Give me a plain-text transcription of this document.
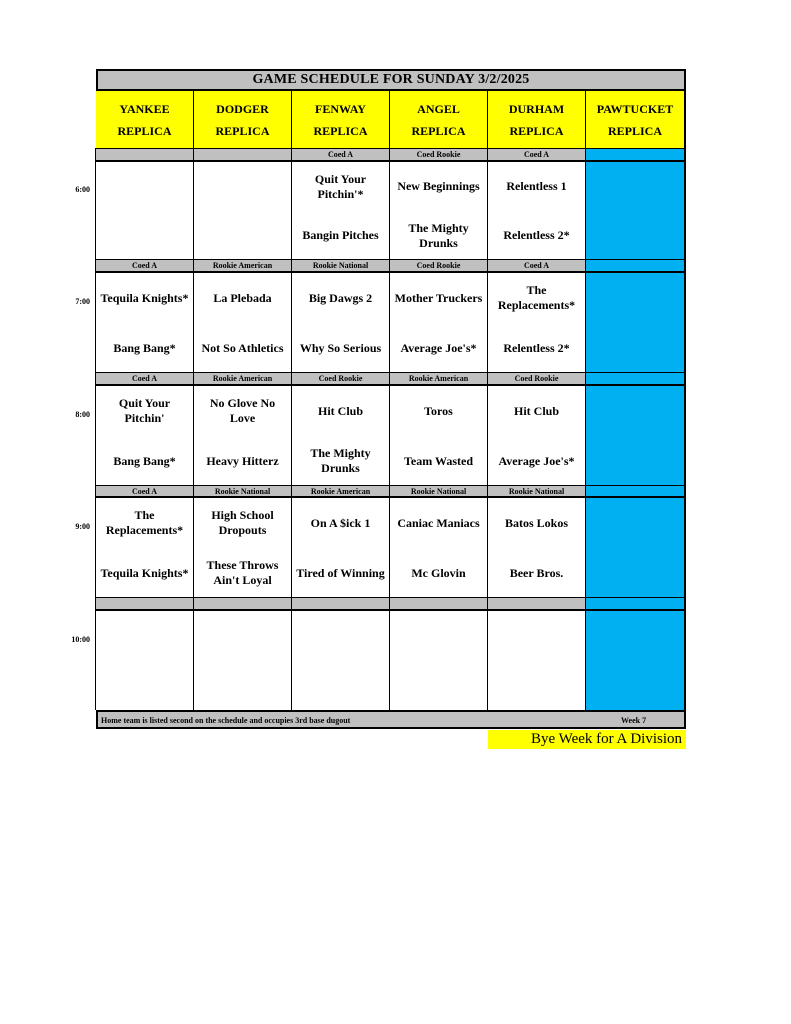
GAME SCHEDULE FOR SUNDAY 3/2/2025
YANKEE
REPLICA
DODGER
REPLICA
FENWAY
REPLICA
ANGEL
REPLICA
DURHAM
REPLICA
PAWTUCKET
REPLICA
6:00
Coed A
Quit Your Pitchin'*
Bangin Pitches
Coed Rookie
New Beginnings
The Mighty Drunks
Coed A
Relentless 1
Relentless 2*
7:00
Coed A
Tequila Knights*
Bang Bang*
Rookie American
La Plebada
Not So Athletics
Rookie National
Big Dawgs 2
Why So Serious
Coed Rookie
Mother Truckers
Average Joe's*
Coed A
The Replacements*
Relentless 2*
8:00
Coed A
Quit Your Pitchin'
Bang Bang*
Rookie American
No Glove No Love
Heavy Hitterz
Coed Rookie
Hit Club
The Mighty Drunks
Rookie American
Toros
Team Wasted
Coed Rookie
Hit Club
Average Joe's*
9:00
Coed A
The Replacements*
Tequila Knights*
Rookie National
High School Dropouts
These Throws Ain't Loyal
Rookie American
On A $ick 1
Tired of Winning
Rookie National
Caniac Maniacs
Mc Glovin
Rookie National
Batos Lokos
Beer Bros.
10:00
Home team is listed second on the schedule and occupies 3rd base dugout	Week 7
Bye Week for A Division
